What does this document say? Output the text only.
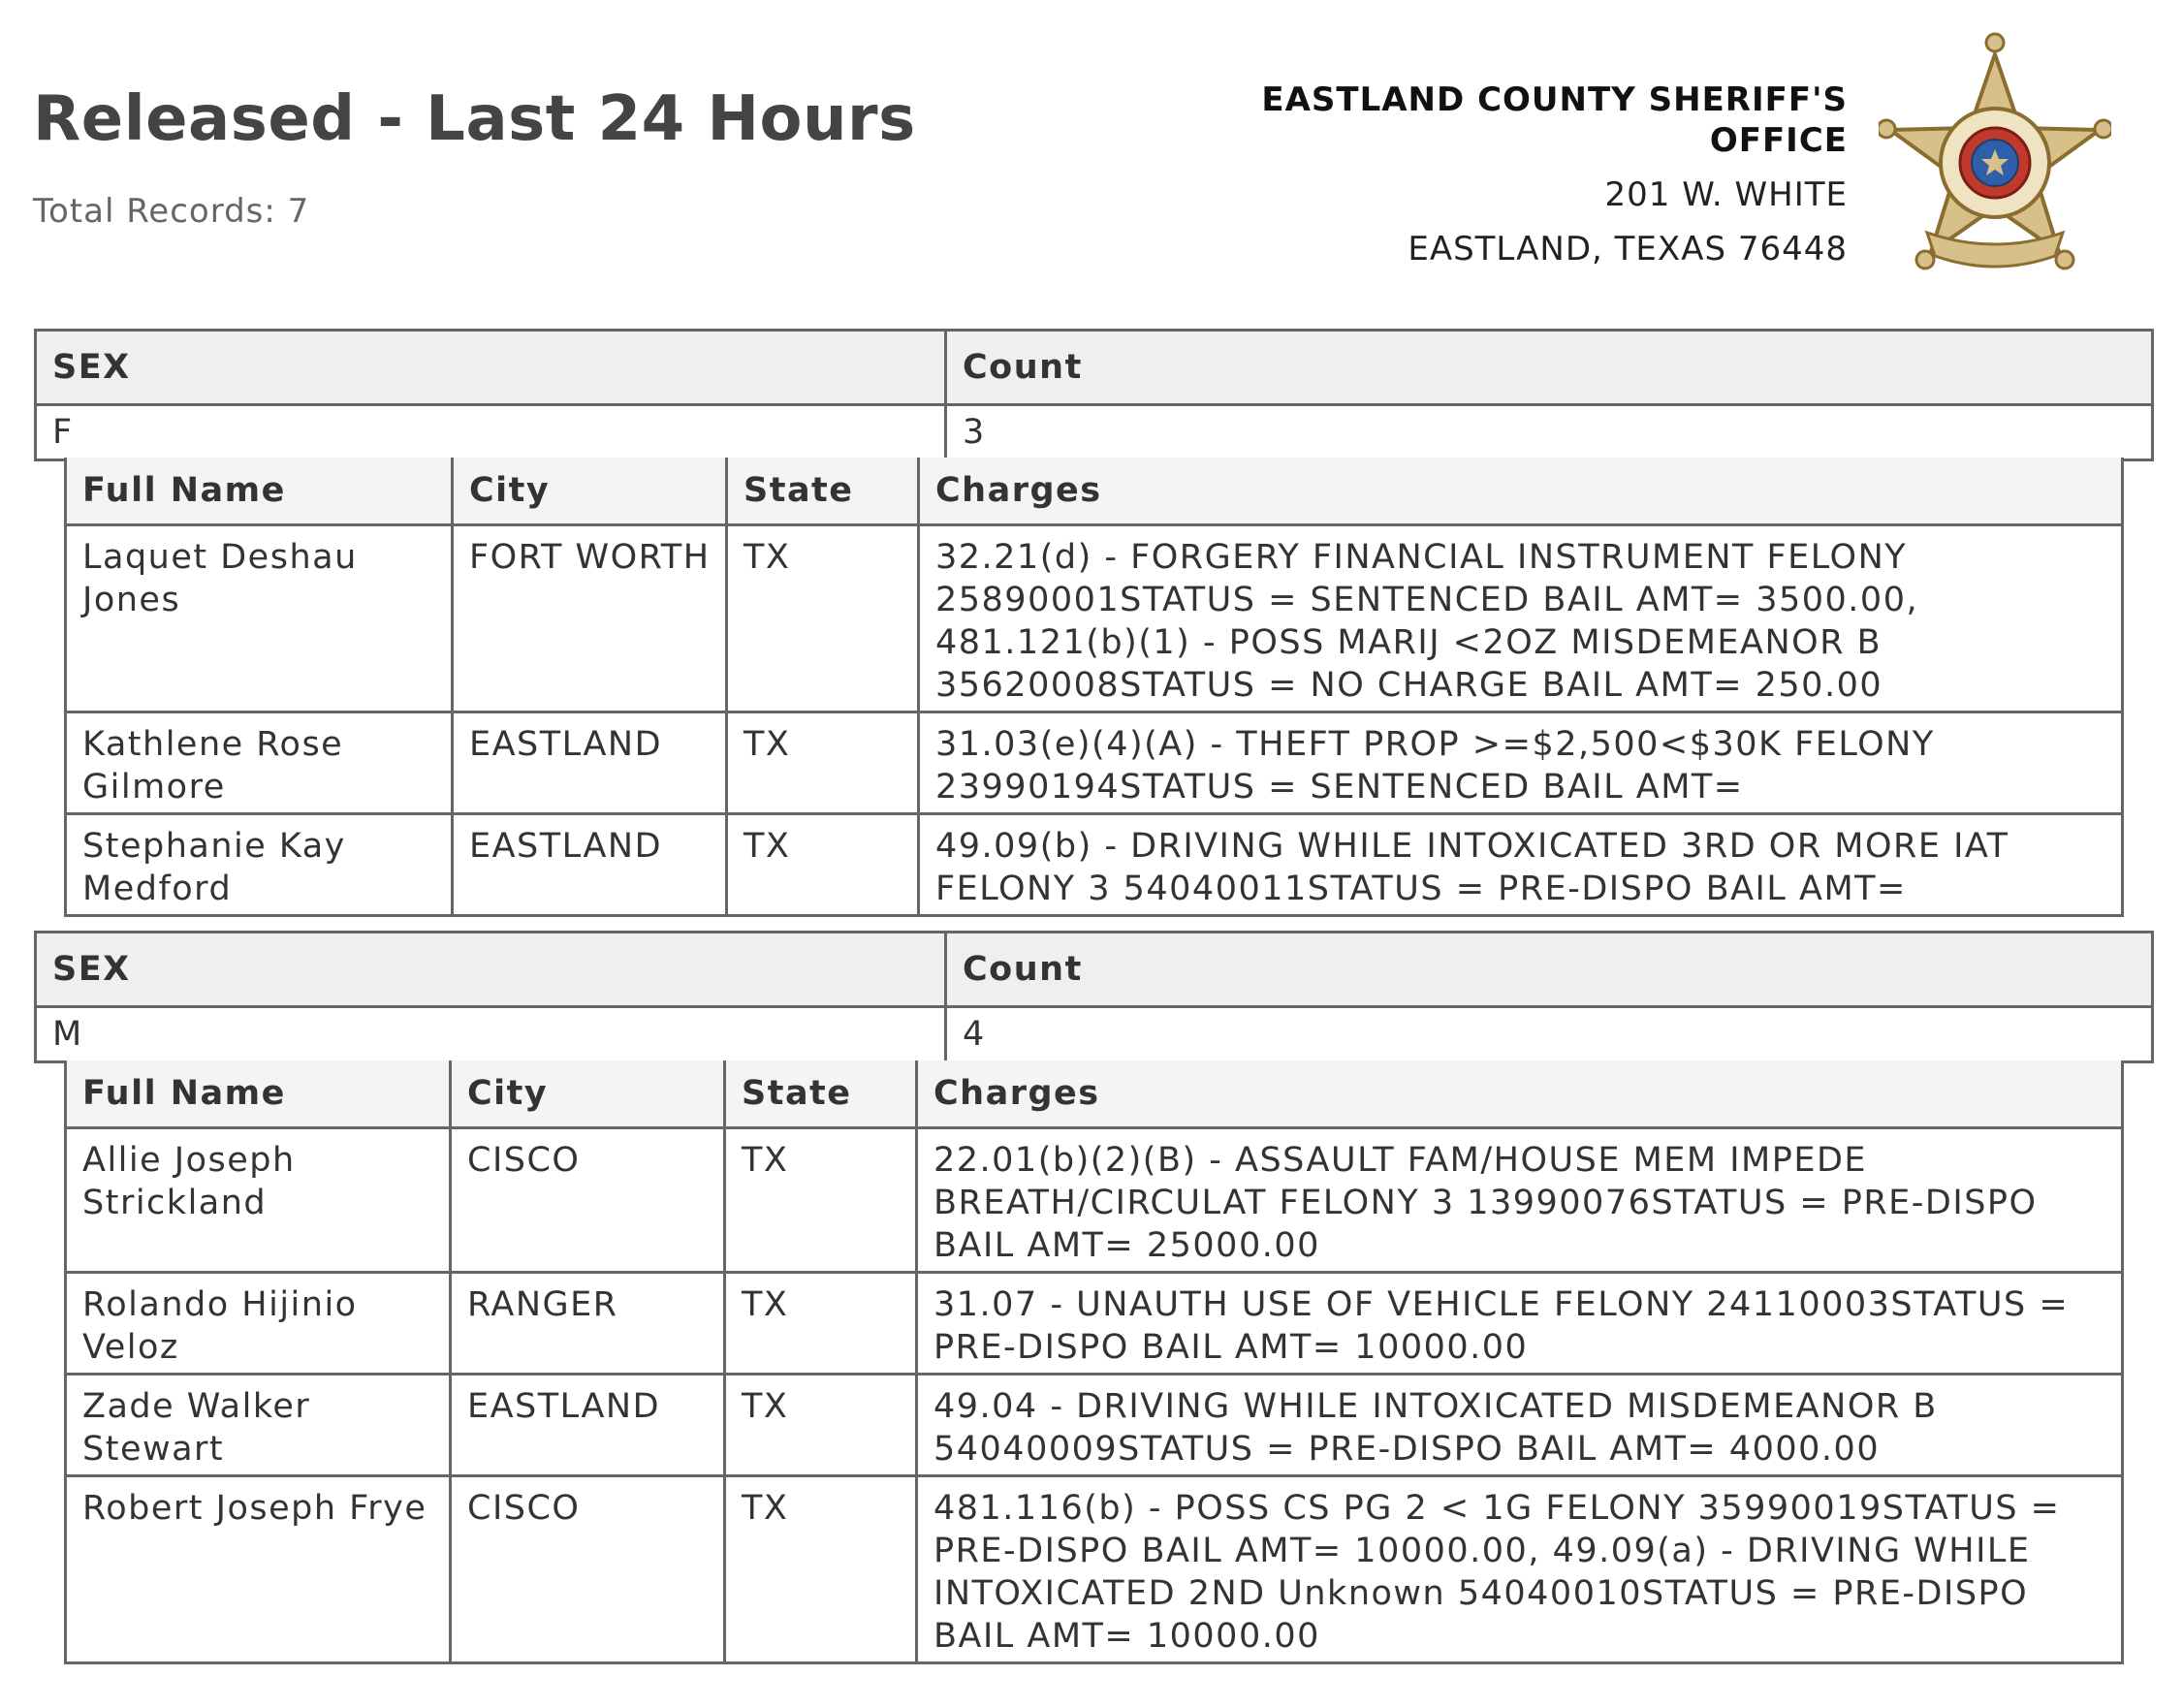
Released - Last 24 Hours
Total Records: 7
EASTLAND COUNTY SHERIFF'S OFFICE
201 W. WHITE
EASTLAND, TEXAS 76448
SEX	Count
F	3
Full Name	City	State	Charges
Laquet Deshau Jones	FORT WORTH	TX	32.21(d) - FORGERY FINANCIAL INSTRUMENT FELONY 25890001STATUS = SENTENCED BAIL AMT= 3500.00, 481.121(b)(1) - POSS MARIJ <2OZ MISDEMEANOR B 35620008STATUS = NO CHARGE BAIL AMT= 250.00
Kathlene Rose Gilmore	EASTLAND	TX	31.03(e)(4)(A) - THEFT PROP >=$2,500<$30K FELONY 23990194STATUS = SENTENCED BAIL AMT=
Stephanie Kay Medford	EASTLAND	TX	49.09(b) - DRIVING WHILE INTOXICATED 3RD OR MORE IAT FELONY 3 54040011STATUS = PRE-DISPO BAIL AMT=
SEX	Count
M	4
Full Name	City	State	Charges
Allie Joseph Strickland	CISCO	TX	22.01(b)(2)(B) - ASSAULT FAM/HOUSE MEM IMPEDE BREATH/CIRCULAT FELONY 3 13990076STATUS = PRE-DISPO BAIL AMT= 25000.00
Rolando Hijinio Veloz	RANGER	TX	31.07 - UNAUTH USE OF VEHICLE FELONY 24110003STATUS = PRE-DISPO BAIL AMT= 10000.00
Zade Walker Stewart	EASTLAND	TX	49.04 - DRIVING WHILE INTOXICATED MISDEMEANOR B 54040009STATUS = PRE-DISPO BAIL AMT= 4000.00
Robert Joseph Frye	CISCO	TX	481.116(b) - POSS CS PG 2 < 1G FELONY 35990019STATUS = PRE-DISPO BAIL AMT= 10000.00, 49.09(a) - DRIVING WHILE INTOXICATED 2ND Unknown 54040010STATUS = PRE-DISPO BAIL AMT= 10000.00
